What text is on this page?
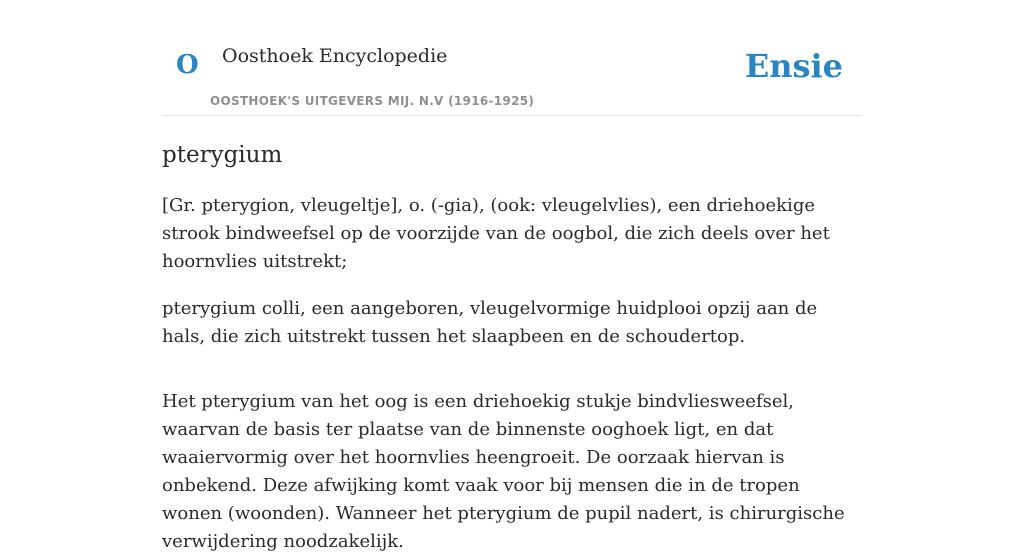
O Oosthoek Encyclopedie
OOSTHOEK'S UITGEVERS MIJ. N.V (1916-1925)
Ensie
pterygium

[Gr. pterygion, vleugeltje], o. (-gia), (ook: vleugelvlies), een driehoekige strook bindweefsel op de voorzijde van de oogbol, die zich deels over het hoornvlies uitstrekt;

pterygium colli, een aangeboren, vleugelvormige huidplooi opzij aan de hals, die zich uitstrekt tussen het slaapbeen en de schoudertop.

Het pterygium van het oog is een driehoekig stukje bindvliesweefsel, waarvan de basis ter plaatse van de binnenste ooghoek ligt, en dat waaiervormig over het hoornvlies heengroeit. De oorzaak hiervan is onbekend. Deze afwijking komt vaak voor bij mensen die in de tropen wonen (woonden). Wanneer het pterygium de pupil nadert, is chirurgische verwijdering noodzakelijk.
